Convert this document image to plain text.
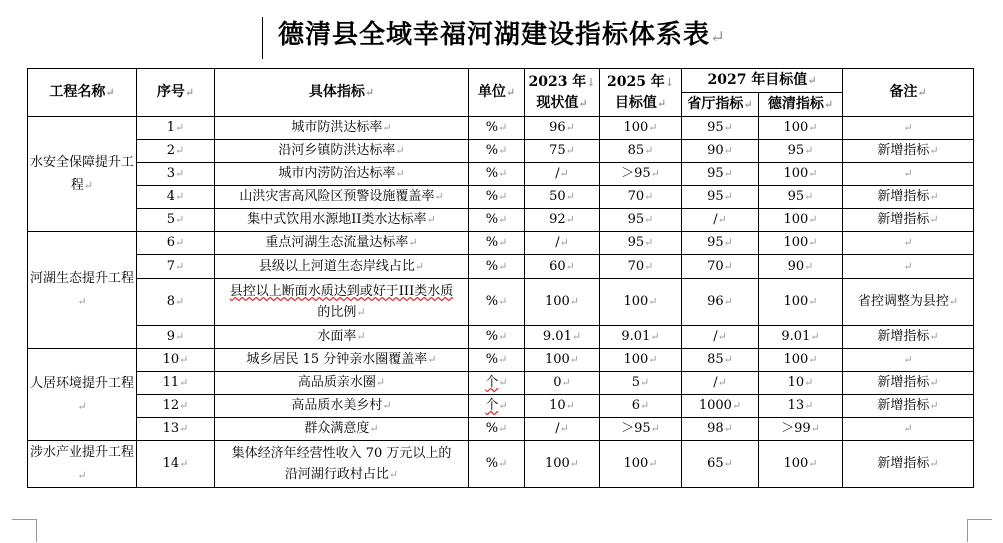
德清县全域幸福河湖建设指标体系表↵
工程名称↵	序号↵	具体指标↵	单位↵	2023 年↓
现状值↵	2025 年↓
目标值↵	2027 年目标值↵		备注↵
						省厅指标↵	德清指标↵	
水安全保障提升工程↵	1↵	城市防洪达标率↵	%↵	96↵	100↵	95↵	100↵	↵
	2↵	沿河乡镇防洪达标率↵	%↵	75↵	85↵	90↵	95↵	新增指标↵
	3↵	城市内涝防治达标率↵	%↵	/↵	＞95↵	95↵	100↵	↵
	4↵	山洪灾害高风险区预警设施覆盖率↵	%↵	50↵	70↵	95↵	95↵	新增指标↵
	5↵	集中式饮用水源地II类水达标率↵	%↵	92↵	95↵	/↵	100↵	新增指标↵
河湖生态提升工程↵	6↵	重点河湖生态流量达标率↵	%↵	/↵	95↵	95↵	100↵	↵
	7↵	县级以上河道生态岸线占比↵	%↵	60↵	70↵	70↵	90↵	↵
	8↵	县控以上断面水质达到或好于III类水质
的比例↵	%↵	100↵	100↵	96↵	100↵	省控调整为县控↵
	9↵	水面率↵	%↵	9.01↵	9.01↵	/↵	9.01↵	新增指标↵
人居环境提升工程↵	10↵	城乡居民 15 分钟亲水圈覆盖率↵	%↵	100↵	100↵	85↵	100↵	↵
	11↵	高品质亲水圈↵	个↵	0↵	5↵	/↵	10↵	新增指标↵
	12↵	高品质水美乡村↵	个↵	10↵	6↵	1000↵	13↵	新增指标↵
	13↵	群众满意度↵	%↵	/↵	＞95↵	98↵	＞99↵	↵
涉水产业提升工程↵	14↵	集体经济年经营性收入 70 万元以上的
沿河湖行政村占比↵	%↵	100↵	100↵	65↵	100↵	新增指标↵
